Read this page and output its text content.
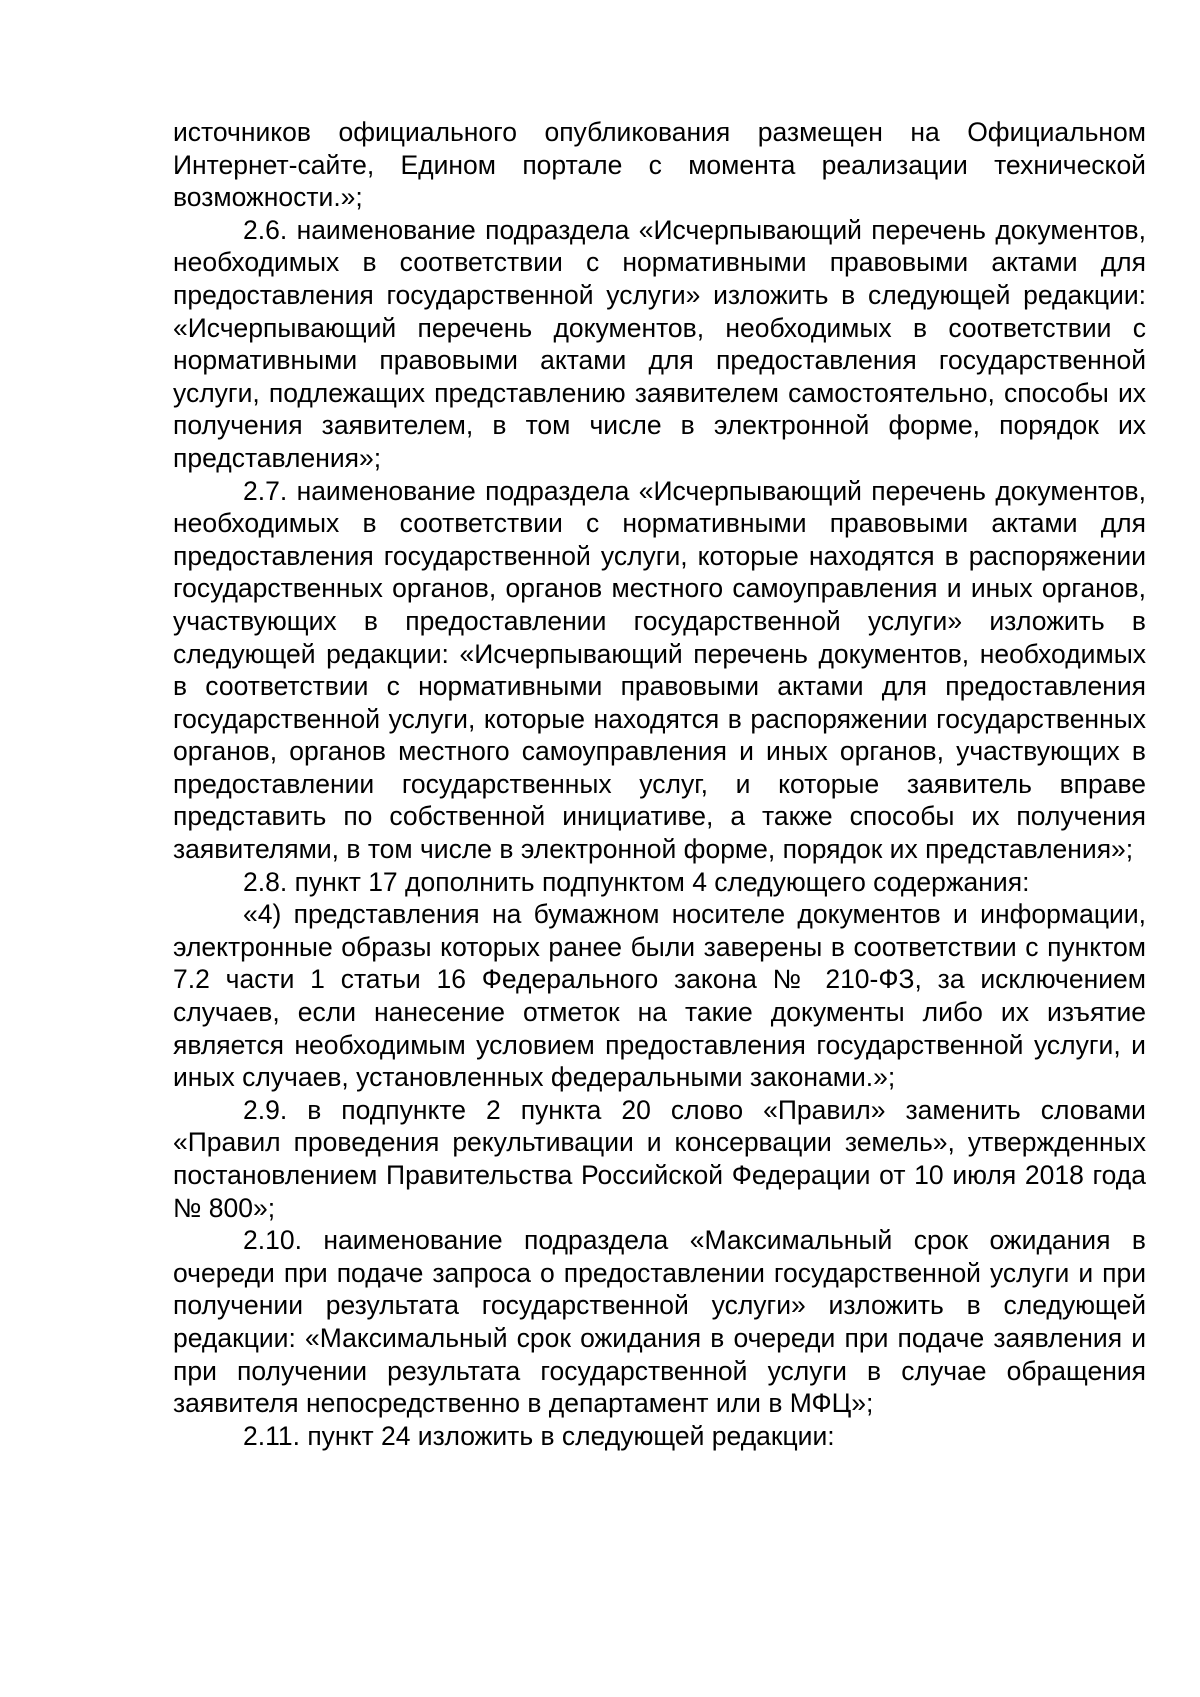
источников официального опубликования размещен на Официальном Интернет-сайте, Едином портале с момента реализации технической возможности.»;

2.6. наименование подраздела «Исчерпывающий перечень документов, необходимых в соответствии с нормативными правовыми актами для предоставления государственной услуги» изложить в следующей редакции: «Исчерпывающий перечень документов, необходимых в соответствии с нормативными правовыми актами для предоставления государственной услуги, подлежащих представлению заявителем самостоятельно, способы их получения заявителем, в том числе в электронной форме, порядок их представления»;

2.7. наименование подраздела «Исчерпывающий перечень документов, необходимых в соответствии с нормативными правовыми актами для предоставления государственной услуги, которые находятся в распоряжении государственных органов, органов местного самоуправления и иных органов, участвующих в предоставлении государственной услуги» изложить в следующей редакции: «Исчерпывающий перечень документов, необходимых в соответствии с нормативными правовыми актами для предоставления государственной услуги, которые находятся в распоряжении государственных органов, органов местного самоуправления и иных органов, участвующих в предоставлении государственных услуг, и которые заявитель вправе представить по собственной инициативе, а также способы их получения заявителями, в том числе в электронной форме, порядок их представления»;

2.8. пункт 17 дополнить подпунктом 4 следующего содержания:

«4) представления на бумажном носителе документов и информации, электронные образы которых ранее были заверены в соответствии с пунктом 7.2 части 1 статьи 16 Федерального закона № 210-ФЗ, за исключением случаев, если нанесение отметок на такие документы либо их изъятие является необходимым условием предоставления государственной услуги, и иных случаев, установленных федеральными законами.»;

2.9. в подпункте 2 пункта 20 слово «Правил» заменить словами «Правил проведения рекультивации и консервации земель», утвержденных постановлением Правительства Российской Федерации от 10 июля 2018 года № 800»;

2.10. наименование подраздела «Максимальный срок ожидания в очереди при подаче запроса о предоставлении государственной услуги и при получении результата государственной услуги» изложить в следующей редакции: «Максимальный срок ожидания в очереди при подаче заявления и при получении результата государственной услуги в случае обращения заявителя непосредственно в департамент или в МФЦ»;

2.11. пункт 24 изложить в следующей редакции:
